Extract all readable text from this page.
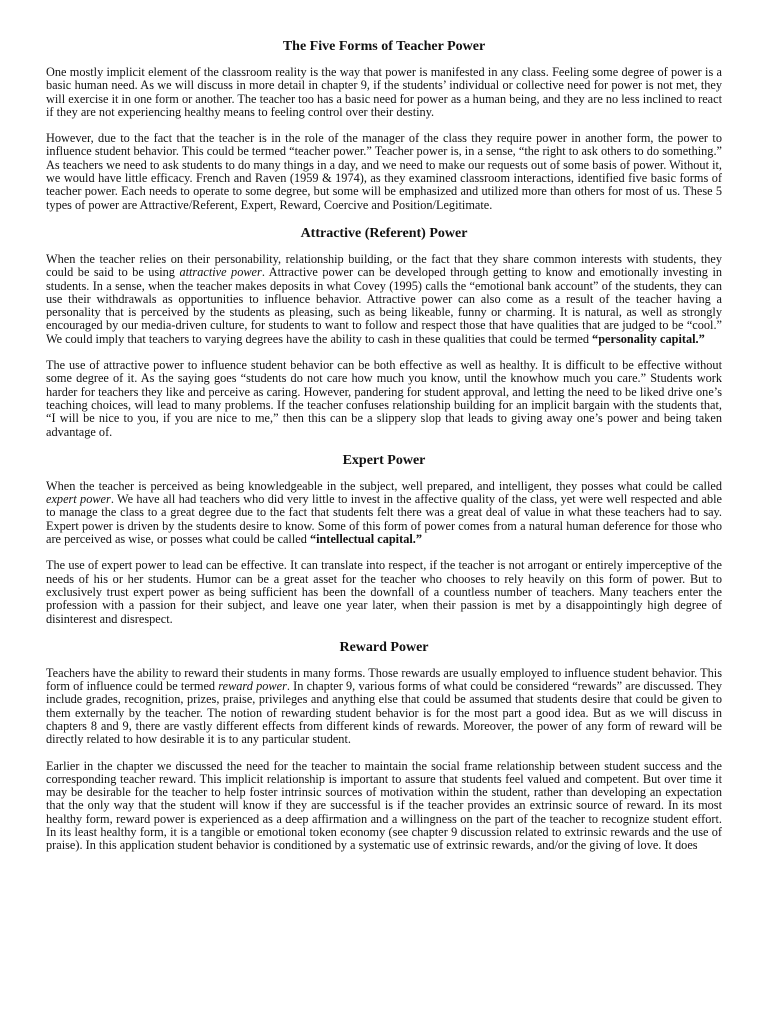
The Five Forms of Teacher Power

One mostly implicit element of the classroom reality is the way that power is manifested in any class. Feeling some degree of power is a basic human need. As we will discuss in more detail in chapter 9, if the students’ individual or collective need for power is not met, they will exercise it in one form or another. The teacher too has a basic need for power as a human being, and they are no less inclined to react if they are not experiencing healthy means to feeling control over their destiny.

However, due to the fact that the teacher is in the role of the manager of the class they require power in another form, the power to influence student behavior. This could be termed “teacher power.” Teacher power is, in a sense, “the right to ask others to do something.” As teachers we need to ask students to do many things in a day, and we need to make our requests out of some basis of power. Without it, we would have little efficacy. French and Raven (1959 & 1974), as they examined classroom interactions, identified five basic forms of teacher power. Each needs to operate to some degree, but some will be emphasized and utilized more than others for most of us. These 5 types of power are Attractive/Referent, Expert, Reward, Coercive and Position/Legitimate.

Attractive (Referent) Power

When the teacher relies on their personability, relationship building, or the fact that they share common interests with students, they could be said to be using attractive power. Attractive power can be developed through getting to know and emotionally investing in students. In a sense, when the teacher makes deposits in what Covey (1995) calls the “emotional bank account” of the students, they can use their withdrawals as opportunities to influence behavior. Attractive power can also come as a result of the teacher having a personality that is perceived by the students as pleasing, such as being likeable, funny or charming. It is natural, as well as strongly encouraged by our media-driven culture, for students to want to follow and respect those that have qualities that are judged to be “cool.” We could imply that teachers to varying degrees have the ability to cash in these qualities that could be termed “personality capital.”

The use of attractive power to influence student behavior can be both effective as well as healthy. It is difficult to be effective without some degree of it. As the saying goes “students do not care how much you know, until the knowhow much you care.” Students work harder for teachers they like and perceive as caring. However, pandering for student approval, and letting the need to be liked drive one’s teaching choices, will lead to many problems. If the teacher confuses relationship building for an implicit bargain with the students that, “I will be nice to you, if you are nice to me,” then this can be a slippery slop that leads to giving away one’s power and being taken advantage of.

Expert Power

When the teacher is perceived as being knowledgeable in the subject, well prepared, and intelligent, they posses what could be called expert power. We have all had teachers who did very little to invest in the affective quality of the class, yet were well respected and able to manage the class to a great degree due to the fact that students felt there was a great deal of value in what these teachers had to say. Expert power is driven by the students desire to know. Some of this form of power comes from a natural human deference for those who are perceived as wise, or posses what could be called “intellectual capital.”

The use of expert power to lead can be effective. It can translate into respect, if the teacher is not arrogant or entirely imperceptive of the needs of his or her students. Humor can be a great asset for the teacher who chooses to rely heavily on this form of power. But to exclusively trust expert power as being sufficient has been the downfall of a countless number of teachers. Many teachers enter the profession with a passion for their subject, and leave one year later, when their passion is met by a disappointingly high degree of disinterest and disrespect.

Reward Power

Teachers have the ability to reward their students in many forms. Those rewards are usually employed to influence student behavior. This form of influence could be termed reward power. In chapter 9, various forms of what could be considered “rewards” are discussed. They include grades, recognition, prizes, praise, privileges and anything else that could be assumed that students desire that could be given to them externally by the teacher. The notion of rewarding student behavior is for the most part a good idea. But as we will discuss in chapters 8 and 9, there are vastly different effects from different kinds of rewards. Moreover, the power of any form of reward will be directly related to how desirable it is to any particular student.

Earlier in the chapter we discussed the need for the teacher to maintain the social frame relationship between student success and the corresponding teacher reward. This implicit relationship is important to assure that students feel valued and competent. But over time it may be desirable for the teacher to help foster intrinsic sources of motivation within the student, rather than developing an expectation that the only way that the student will know if they are successful is if the teacher provides an extrinsic source of reward. In its most healthy form, reward power is experienced as a deep affirmation and a willingness on the part of the teacher to recognize student effort. In its least healthy form, it is a tangible or emotional token economy (see chapter 9 discussion related to extrinsic rewards and the use of praise). In this application student behavior is conditioned by a systematic use of extrinsic rewards, and/or the giving of love. It does
